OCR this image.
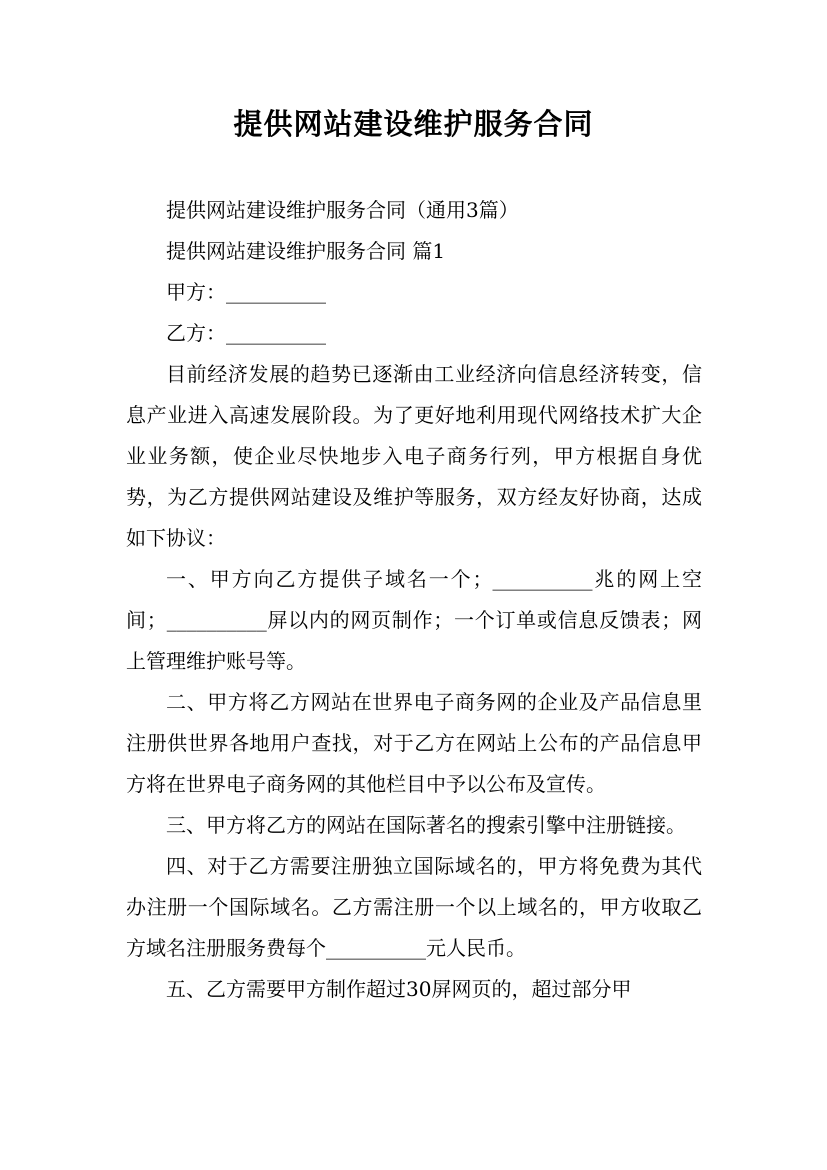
提供网站建设维护服务合同

提供网站建设维护服务合同（通用3篇）

提供网站建设维护服务合同 篇1

甲方：__________

乙方：__________

目前经济发展的趋势已逐渐由工业经济向信息经济转变，信息产业进入高速发展阶段。为了更好地利用现代网络技术扩大企业业务额，使企业尽快地步入电子商务行列，甲方根据自身优势，为乙方提供网站建设及维护等服务，双方经友好协商，达成如下协议：

一、甲方向乙方提供子域名一个；__________兆的网上空间；__________屏以内的网页制作；一个订单或信息反馈表；网上管理维护账号等。

二、甲方将乙方网站在世界电子商务网的企业及产品信息里注册供世界各地用户查找，对于乙方在网站上公布的产品信息甲方将在世界电子商务网的其他栏目中予以公布及宣传。

三、甲方将乙方的网站在国际著名的搜索引擎中注册链接。

四、对于乙方需要注册独立国际域名的，甲方将免费为其代办注册一个国际域名。乙方需注册一个以上域名的，甲方收取乙方域名注册服务费每个__________元人民币。

五、乙方需要甲方制作超过30屏网页的，超过部分甲
